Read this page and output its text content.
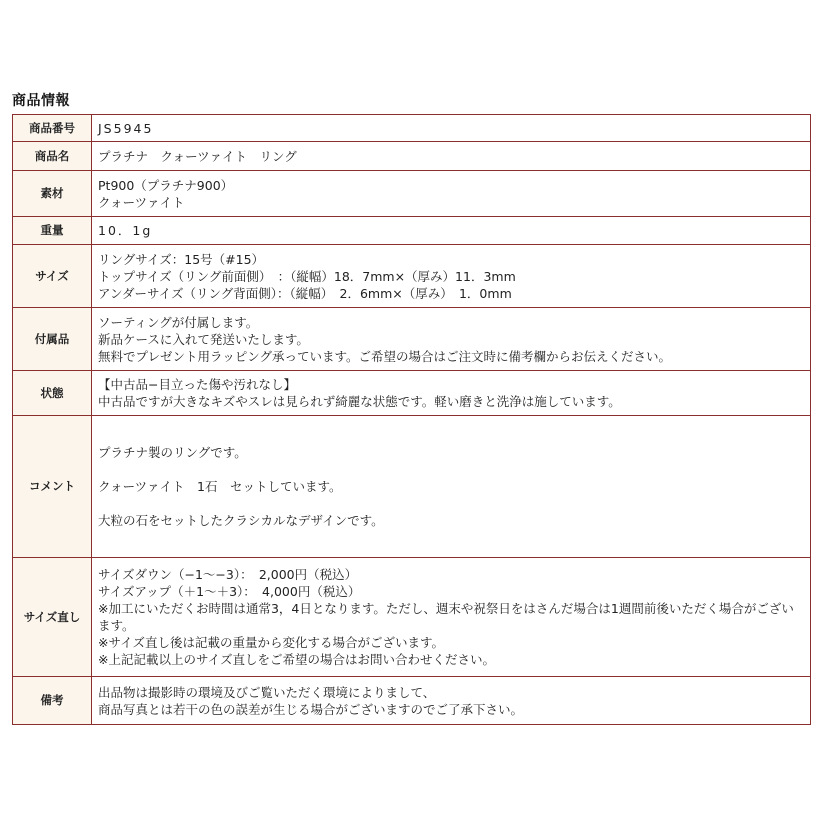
商品情報
商品番号	JS5945
商品名	プラチナ　クォーツァイト　リング
素材	Pt900（プラチナ900）
クォーツァイト
重量	10．1g
サイズ	リングサイズ：15号（#15）
トップサイズ（リング前面側）　：（縦幅）18．7mm×（厚み）11．3mm
アンダーサイズ（リング背面側）：（縦幅）　2．6mm×（厚み）　1．0mm
付属品	ソーティングが付属します。
新品ケースに入れて発送いたします。
無料でプレゼント用ラッピング承っています。ご希望の場合はご注文時に備考欄からお伝えください。
状態	【中古品−目立った傷や汚れなし】
中古品ですが大きなキズやスレは見られず綺麗な状態です。軽い磨きと洗浄は施しています。
コメント	プラチナ製のリングです。

クォーツァイト　1石　セットしています。

大粒の石をセットしたクラシカルなデザインです。
サイズ直し	サイズダウン（−1〜−3）：　2,000円（税込）
サイズアップ（＋1〜＋3）：　4,000円（税込）
※加工にいただくお時間は通常3，4日となります。ただし、週末や祝祭日をはさんだ場合は1週間前後いただく場合がございます。
※サイズ直し後は記載の重量から変化する場合がございます。
※上記記載以上のサイズ直しをご希望の場合はお問い合わせください。
備考	出品物は撮影時の環境及びご覧いただく環境によりまして、
商品写真とは若干の色の誤差が生じる場合がございますのでご了承下さい。
